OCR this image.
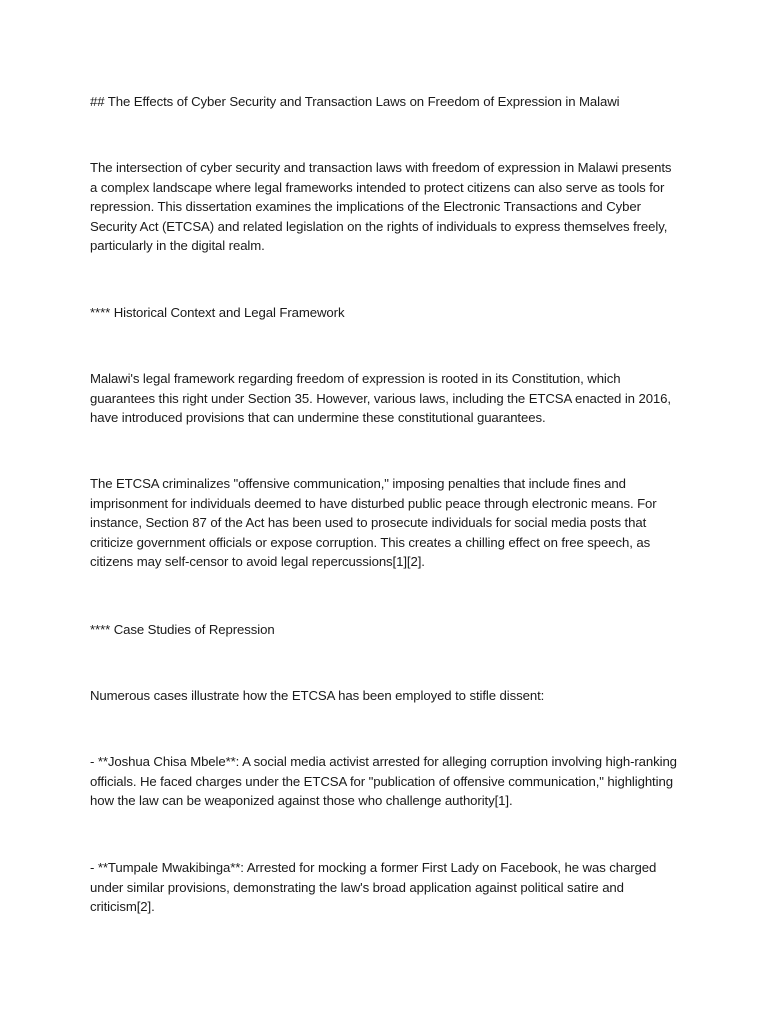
## The Effects of Cyber Security and Transaction Laws on Freedom of Expression in Malawi

The intersection of cyber security and transaction laws with freedom of expression in Malawi presents a complex landscape where legal frameworks intended to protect citizens can also serve as tools for repression. This dissertation examines the implications of the Electronic Transactions and Cyber Security Act (ETCSA) and related legislation on the rights of individuals to express themselves freely, particularly in the digital realm.

**** Historical Context and Legal Framework

Malawi's legal framework regarding freedom of expression is rooted in its Constitution, which guarantees this right under Section 35. However, various laws, including the ETCSA enacted in 2016, have introduced provisions that can undermine these constitutional guarantees.

The ETCSA criminalizes "offensive communication," imposing penalties that include fines and imprisonment for individuals deemed to have disturbed public peace through electronic means. For instance, Section 87 of the Act has been used to prosecute individuals for social media posts that criticize government officials or expose corruption. This creates a chilling effect on free speech, as citizens may self-censor to avoid legal repercussions[1][2].

**** Case Studies of Repression

Numerous cases illustrate how the ETCSA has been employed to stifle dissent:

- **Joshua Chisa Mbele**: A social media activist arrested for alleging corruption involving high-ranking officials. He faced charges under the ETCSA for "publication of offensive communication," highlighting how the law can be weaponized against those who challenge authority[1].

- **Tumpale Mwakibinga**: Arrested for mocking a former First Lady on Facebook, he was charged under similar provisions, demonstrating the law's broad application against political satire and criticism[2].
